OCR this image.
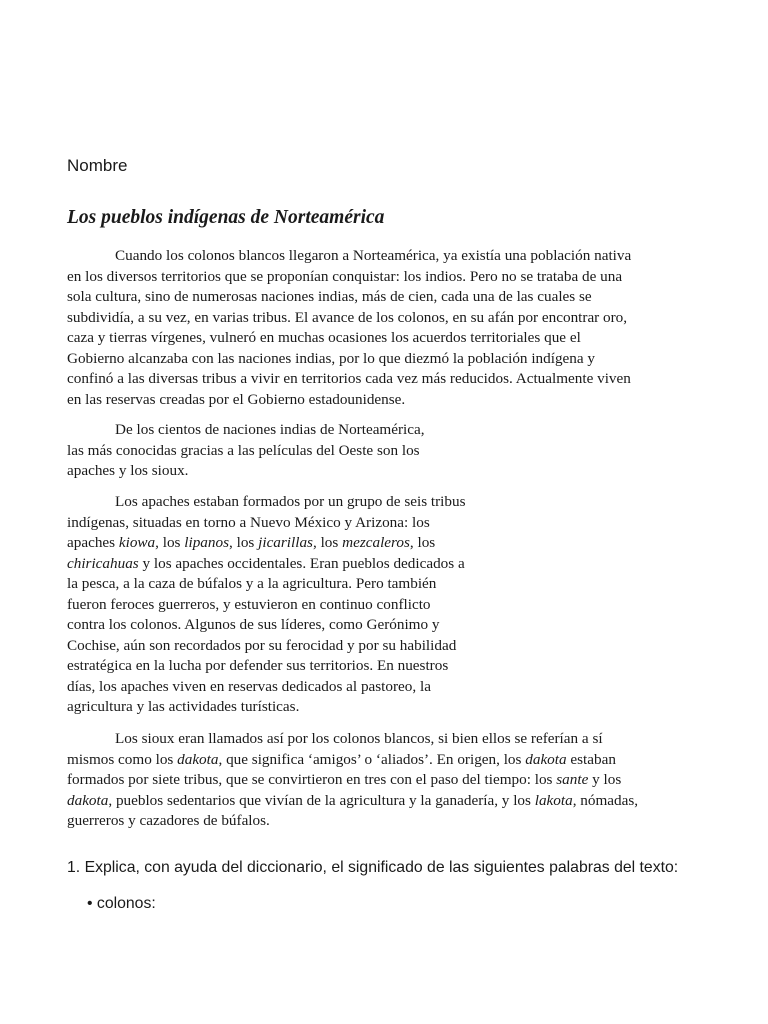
Nombre
Los pueblos indígenas de Norteamérica
Cuando los colonos blancos llegaron a Norteamérica, ya existía una población nativa
en los diversos territorios que se proponían conquistar: los indios. Pero no se trataba de una
sola cultura, sino de numerosas naciones indias, más de cien, cada una de las cuales se
subdividía, a su vez, en varias tribus. El avance de los colonos, en su afán por encontrar oro,
caza y tierras vírgenes, vulneró en muchas ocasiones los acuerdos territoriales que el
Gobierno alcanzaba con las naciones indias, por lo que diezmó la población indígena y
confinó a las diversas tribus a vivir en territorios cada vez más reducidos. Actualmente viven
en las reservas creadas por el Gobierno estadounidense.
De los cientos de naciones indias de Norteamérica,
las más conocidas gracias a las películas del Oeste son los
apaches y los sioux.
Los apaches estaban formados por un grupo de seis tribus
indígenas, situadas en torno a Nuevo México y Arizona: los
apaches kiowa, los lipanos, los jicarillas, los mezcaleros, los
chiricahuas y los apaches occidentales. Eran pueblos dedicados a
la pesca, a la caza de búfalos y a la agricultura. Pero también
fueron feroces guerreros, y estuvieron en continuo conflicto
contra los colonos. Algunos de sus líderes, como Gerónimo y
Cochise, aún son recordados por su ferocidad y por su habilidad
estratégica en la lucha por defender sus territorios. En nuestros
días, los apaches viven en reservas dedicados al pastoreo, la
agricultura y las actividades turísticas.
Los sioux eran llamados así por los colonos blancos, si bien ellos se referían a sí
mismos como los dakota, que significa ‘amigos’ o ‘aliados’. En origen, los dakota estaban
formados por siete tribus, que se convirtieron en tres con el paso del tiempo: los sante y los
dakota, pueblos sedentarios que vivían de la agricultura y la ganadería, y los lakota, nómadas,
guerreros y cazadores de búfalos.

1. Explica, con ayuda del diccionario, el significado de las siguientes palabras del texto:

• colonos:
